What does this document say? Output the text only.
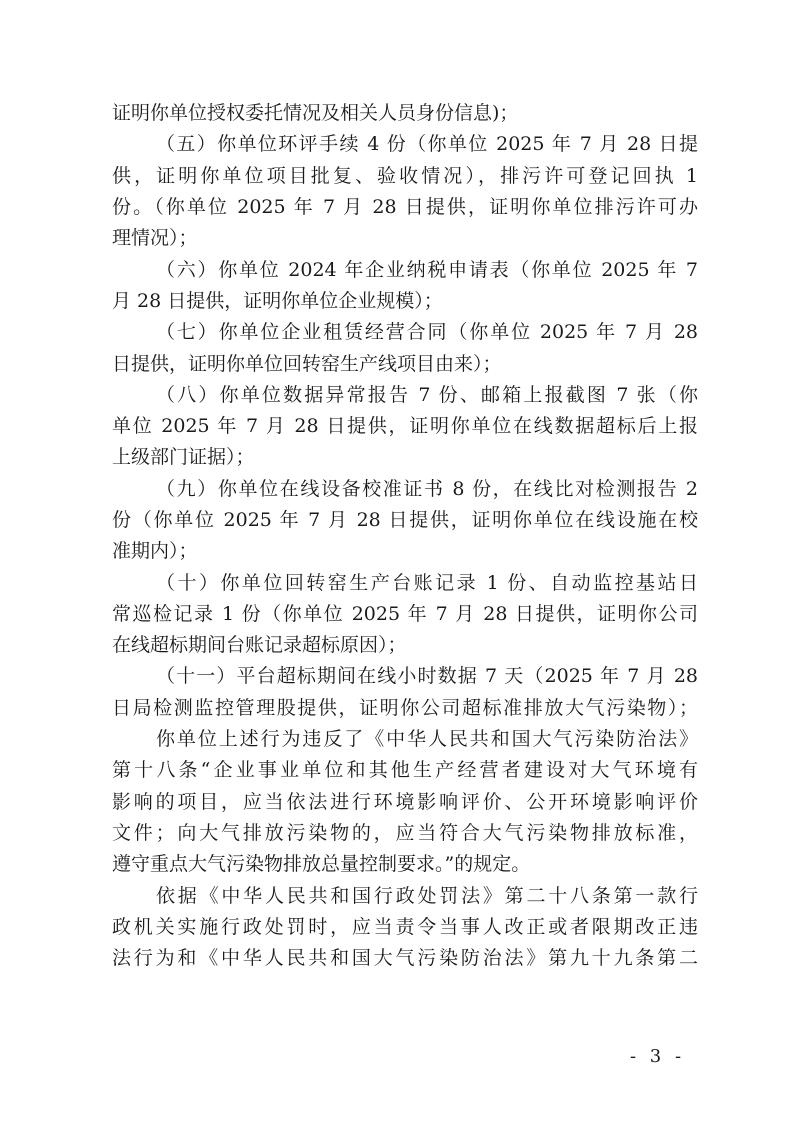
证明你单位授权委托情况及相关人员身份信息)；
（五）你单位环评手续 4 份（你单位 2025 年 7 月 28 日提
供，证明你单位项目批复、验收情况），排污许可登记回执 1
份。（你单位 2025 年 7 月 28 日提供，证明你单位排污许可办
理情况）；
（六）你单位 2024 年企业纳税申请表（你单位 2025 年 7
月 28 日提供，证明你单位企业规模）；
（七）你单位企业租赁经营合同（你单位 2025 年 7 月 28
日提供，证明你单位回转窑生产线项目由来）；
（八）你单位数据异常报告 7 份、邮箱上报截图 7 张（你
单位 2025 年 7 月 28 日提供，证明你单位在线数据超标后上报
上级部门证据）；
（九）你单位在线设备校准证书 8 份，在线比对检测报告 2
份（你单位 2025 年 7 月 28 日提供，证明你单位在线设施在校
准期内）；
（十）你单位回转窑生产台账记录 1 份、自动监控基站日
常巡检记录 1 份（你单位 2025 年 7 月 28 日提供，证明你公司
在线超标期间台账记录超标原因）；
（十一）平台超标期间在线小时数据 7 天（2025 年 7 月 28
日局检测监控管理股提供，证明你公司超标准排放大气污染物）；
你单位上述行为违反了《中华人民共和国大气污染防治法》
第十八条“企业事业单位和其他生产经营者建设对大气环境有
影响的项目，应当依法进行环境影响评价、公开环境影响评价
文件；向大气排放污染物的，应当符合大气污染物排放标准，
遵守重点大气污染物排放总量控制要求。”的规定。
依据《中华人民共和国行政处罚法》第二十八条第一款行
政机关实施行政处罚时，应当责令当事人改正或者限期改正违
法行为和《中华人民共和国大气污染防治法》第九十九条第二
- 3 -
